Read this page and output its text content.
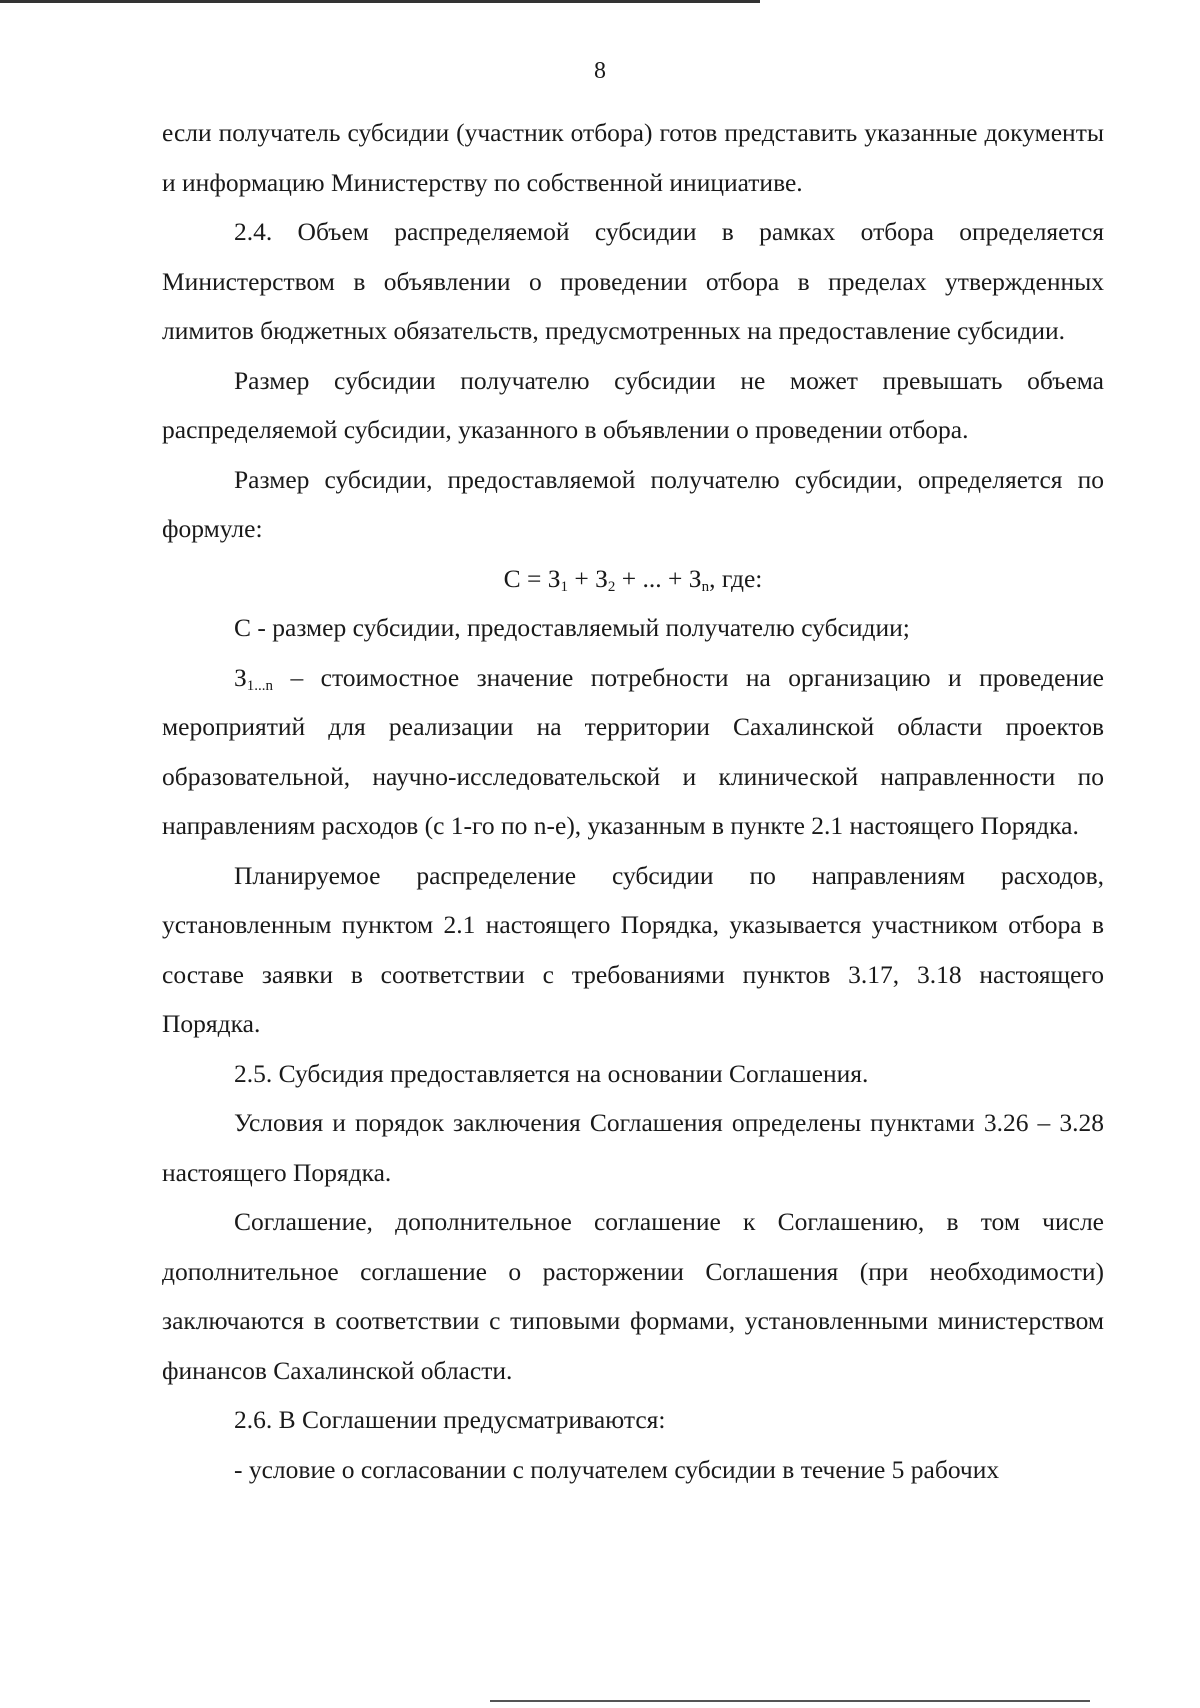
8

если получатель субсидии (участник отбора) готов представить указанные документы и информацию Министерству по собственной инициативе.

2.4. Объем распределяемой субсидии в рамках отбора определяется Министерством в объявлении о проведении отбора в пределах утвержденных лимитов бюджетных обязательств, предусмотренных на предоставление субсидии.

Размер субсидии получателю субсидии не может превышать объема распределяемой субсидии, указанного в объявлении о проведении отбора.

Размер субсидии, предоставляемой получателю субсидии, определяется по формуле:

$С = З_1 + З_2$ + ... + $З_n$, где:

С - размер субсидии, предоставляемый получателю субсидии;

$З_{1...n}$ – стоимостное значение потребности на организацию и проведение мероприятий для реализации на территории Сахалинской области проектов образовательной, научно-исследовательской и клинической направленности по направлениям расходов (с 1-го по n-е), указанным в пункте 2.1 настоящего Порядка.

Планируемое распределение субсидии по направлениям расходов, установленным пунктом 2.1 настоящего Порядка, указывается участником отбора в составе заявки в соответствии с требованиями пунктов 3.17, 3.18 настоящего Порядка.

2.5. Субсидия предоставляется на основании Соглашения.

Условия и порядок заключения Соглашения определены пунктами 3.26 – 3.28 настоящего Порядка.

Соглашение, дополнительное соглашение к Соглашению, в том числе дополнительное соглашение о расторжении Соглашения (при необходимости) заключаются в соответствии с типовыми формами, установленными министерством финансов Сахалинской области.

2.6. В Соглашении предусматриваются:

- условие о согласовании с получателем субсидии в течение 5 рабочих
